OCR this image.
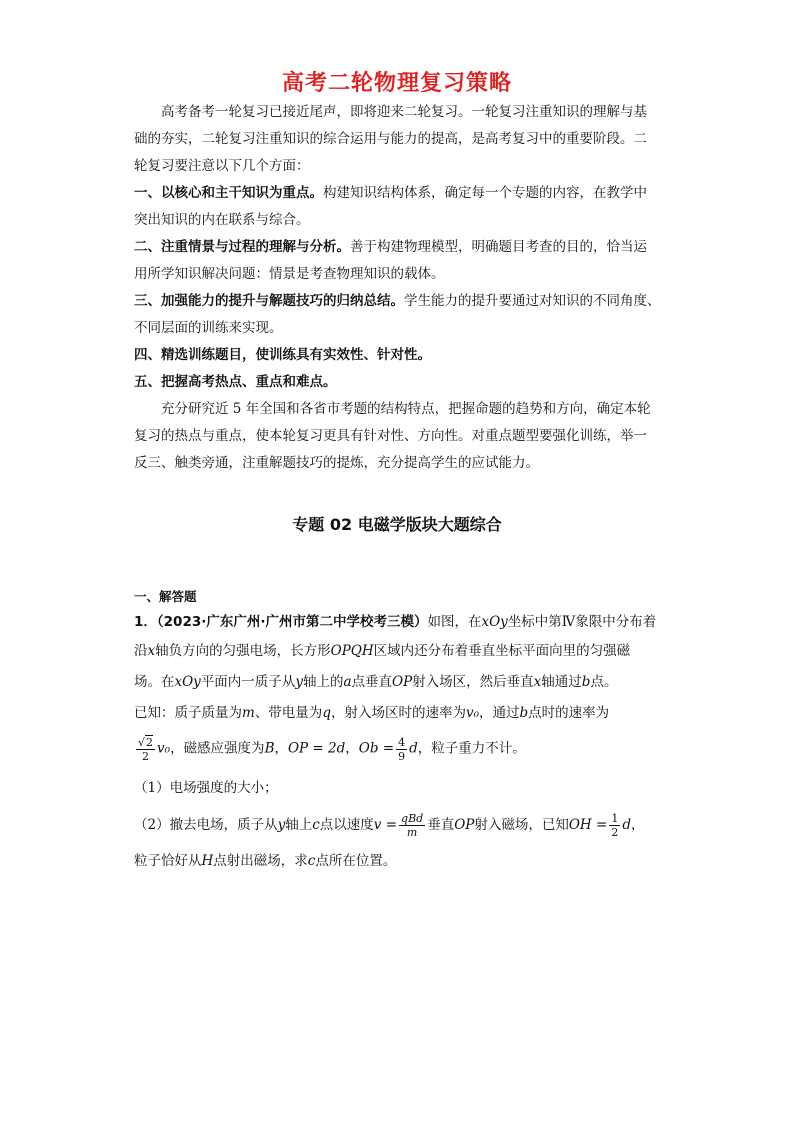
高考二轮物理复习策略
高考备考一轮复习已接近尾声，即将迎来二轮复习。一轮复习注重知识的理解与基
础的夯实，二轮复习注重知识的综合运用与能力的提高，是高考复习中的重要阶段。二
轮复习要注意以下几个方面：
一、以核心和主干知识为重点。构建知识结构体系，确定每一个专题的内容，在教学中
突出知识的内在联系与综合。
二、注重情景与过程的理解与分析。善于构建物理模型，明确题目考查的目的，恰当运
用所学知识解决问题：情景是考查物理知识的载体。
三、加强能力的提升与解题技巧的归纳总结。学生能力的提升要通过对知识的不同角度、
不同层面的训练来实现。
四、精选训练题目，使训练具有实效性、针对性。
五、把握高考热点、重点和难点。
充分研究近 5 年全国和各省市考题的结构特点，把握命题的趋势和方向，确定本轮
复习的热点与重点，使本轮复习更具有针对性、方向性。对重点题型要强化训练，举一
反三、触类旁通，注重解题技巧的提炼，充分提高学生的应试能力。
专题 02 电磁学版块大题综合
一、解答题
1．（2023·广东广州·广州市第二中学校考三模）如图，在xOy坐标中第Ⅳ象限中分布着
沿x轴负方向的匀强电场，长方形OPQH区域内还分布着垂直坐标平面向里的匀强磁
场。在xOy平面内一质子从y轴上的a点垂直OP射入场区，然后垂直x轴通过b点。
已知：质子质量为m、带电量为q，射入场区时的速率为v₀，通过b点时的速率为
$\frac{√2}{2} v_0$，磁感应强度为B，OP = 2d，$Ob = \frac{4}{9}$ d，粒子重力不计。
（1）电场强度的大小；
（2）撤去电场，质子从y轴上c点以速度$v = \frac{\text{qBd}}{m}$ 垂直OP射入磁场，已知OH = $\frac{1}{2}$ d，
粒子恰好从H点射出磁场，求c点所在位置。
